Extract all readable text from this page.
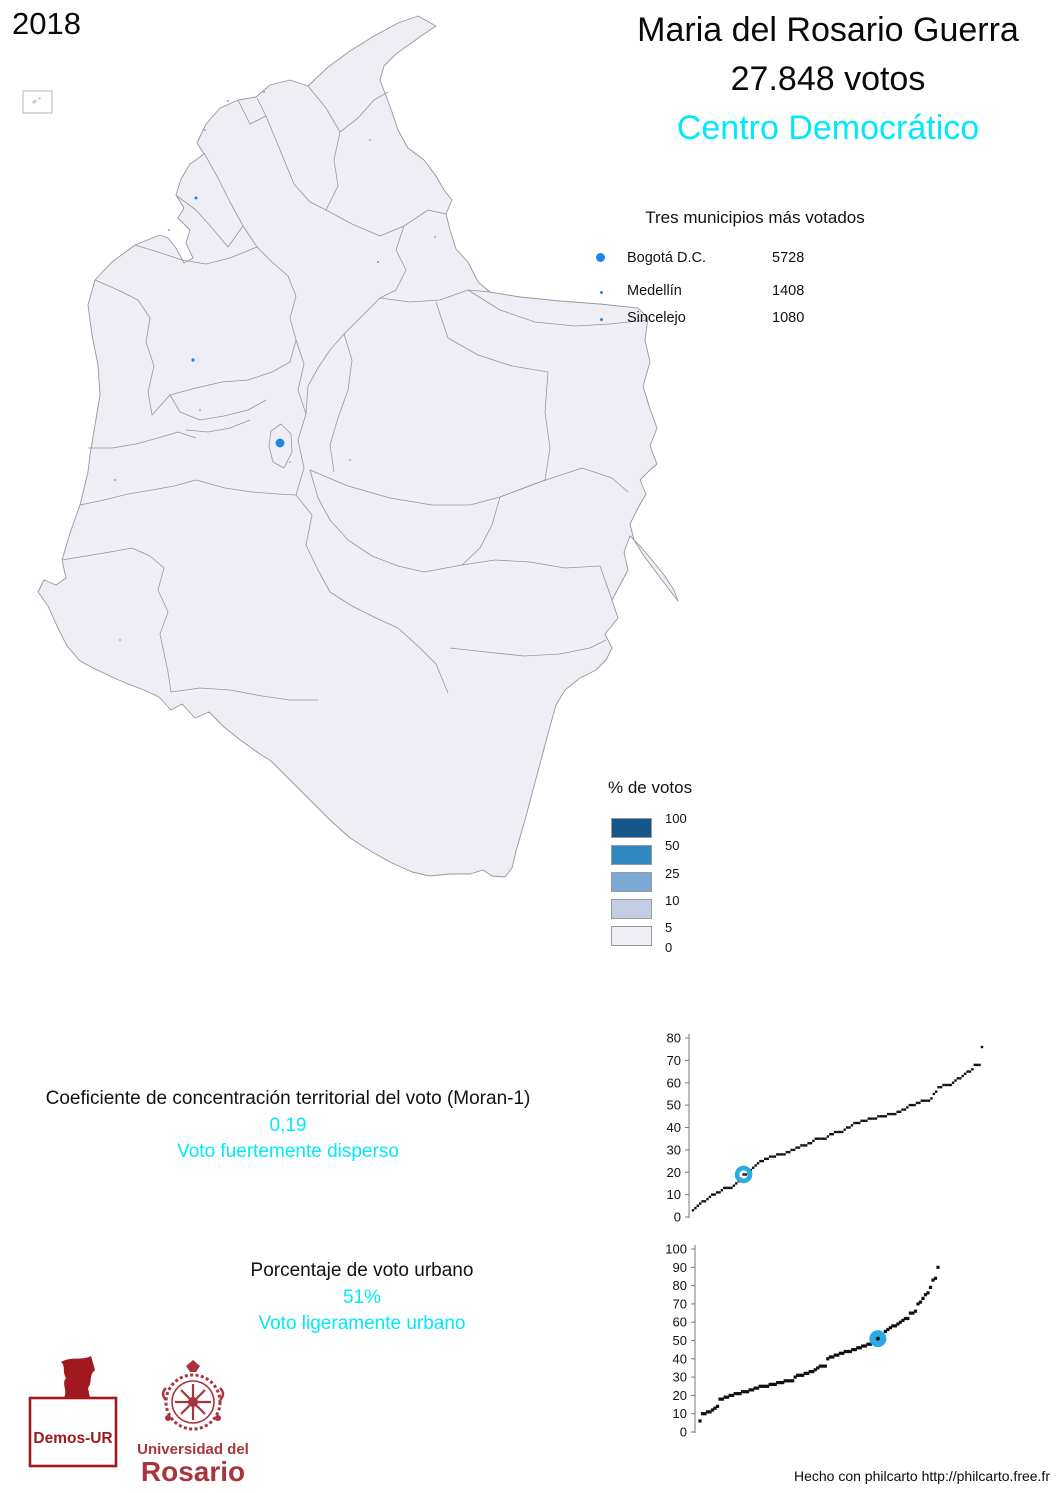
2018	Maria del Rosario Guerra
27.848 votos
Centro Democrático
Tres municipios más votados
Bogotá D.C.	5728
Medellín	1408
Sincelejo	1080
% de votos
100
50
25
10
5
0
Coeficiente de concentración territorial del voto (Moran-1)
0,19
Voto fuertemente disperso
Porcentaje de voto urbano
51%
Voto ligeramente urbano
0
10
20
30
40
50
60
70
80
0
10
20
30
40
50
60
70
80
90
100
Demos-UR
Universidad del
Rosario	Hecho con philcarto http://philcarto.free.fr
